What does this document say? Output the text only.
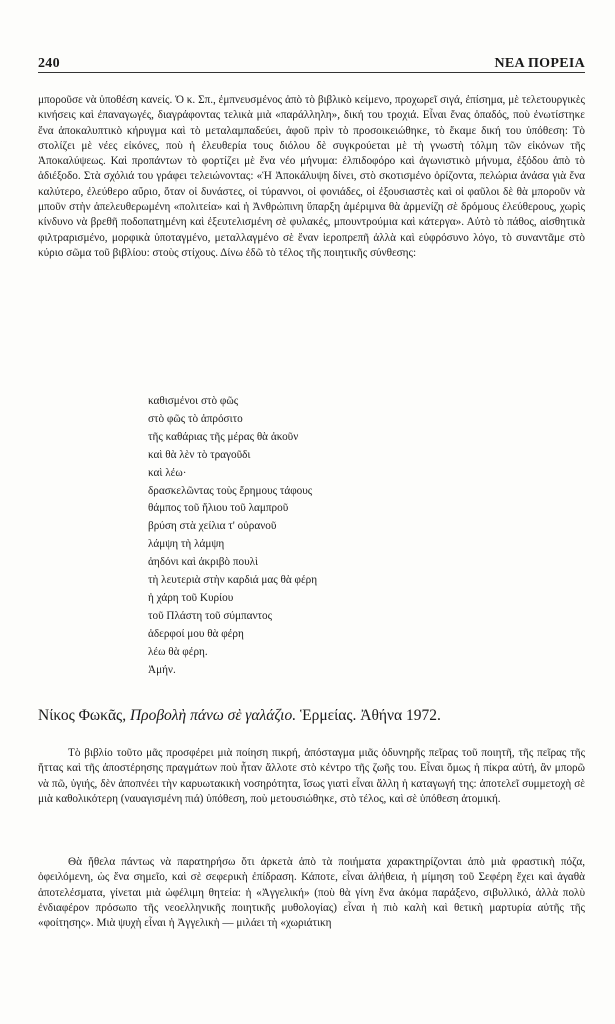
240	ΝΕΑ ΠΟΡΕΙΑ

μποροῦσε νὰ ὑποθέση κανείς. Ὁ κ. Σπ., ἐμπνευσμένος ἀπὸ τὸ βιβλικὸ κείμενο, προχωρεῖ σιγά, ἐπίσημα, μὲ τελετουργικὲς κινήσεις καὶ ἐπαναγωγές, διαγράφοντας τελικὰ μιὰ «παράλληλη», δική του τροχιά. Εἶναι ἕνας ὀπαδός, ποὺ ἐνωτίστηκε ἕνα ἀποκαλυπτικὸ κήρυγμα καὶ τὸ μεταλαμπαδεύει, ἀφοῦ πρὶν τὸ προσοικειώθηκε, τὸ ἔκαμε δική του ὑπόθεση: Τὸ στολίζει μὲ νέες εἰκόνες, ποὺ ἡ ἐλευθερία τους διόλου δὲ συγκρούεται μὲ τὴ γνωστὴ τόλμη τῶν εἰκόνων τῆς Ἀποκαλύψεως. Καὶ προπάντων τὸ φορτίζει μὲ ἕνα νέο μήνυμα: ἐλπιδοφόρο καὶ ἀγωνιστικὸ μήνυμα, ἐξόδου ἀπὸ τὸ ἀδιέξοδο. Στὰ σχόλιά του γράφει τελειώνοντας: «Ἡ Ἀποκάλυψη δίνει, στὸ σκοτισμένο ὁρίζοντα, πελώρια ἀνάσα γιὰ ἕνα καλύτερο, ἐλεύθερο αὔριο, ὅταν οἱ δυνάστες, οἱ τύραννοι, οἱ φονιάδες, οἱ ἐξουσιαστὲς καὶ οἱ φαῦλοι δὲ θὰ μποροῦν νὰ μποῦν στὴν ἀπελευθερωμένη «πολιτεία» καὶ ἡ Ἀνθρώπινη ὕπαρξη ἀμέριμνα θὰ ἁρμενίζη σὲ δρόμους ἐλεύθερους, χωρὶς κίνδυνο νὰ βρεθῆ ποδοπατημένη καὶ ἐξευτελισμένη σὲ φυλακές, μπουντρούμια καὶ κάτεργα». Αὐτὸ τὸ πάθος, αἰσθητικὰ φιλτραρισμένο, μορφικὰ ὑποταγμένο, μεταλλαγμένο σὲ ἕναν ἱεροπρεπῆ ἀλλὰ καὶ εὐφρόσυνο λόγο, τὸ συναντᾶμε στὸ κύριο σῶμα τοῦ βιβλίου: στοὺς στίχους. Δίνω ἐδῶ τὸ τέλος τῆς ποιητικῆς σύνθεσης:

καθισμένοι στὸ φῶς
στὸ φῶς τὸ ἀπρόσιτο
τῆς καθάριας τῆς μέρας θὰ ἀκοῦν
καὶ θὰ λὲν τὸ τραγοῦδι
καὶ λέω·
δρασκελῶντας τοὺς ἔρημους τάφους
θάμπος τοῦ ἥλιου τοῦ λαμπροῦ
βρύση στὰ χείλια τ' οὐρανοῦ
λάμψη τὴ λάμψη
ἀηδόνι καὶ ἀκριβὸ πουλὶ
τὴ λευτεριὰ στὴν καρδιά μας θὰ φέρη
ἡ χάρη τοῦ Κυρίου
τοῦ Πλάστη τοῦ σύμπαντος
ἀδερφοί μου θὰ φέρη
λέω θὰ φέρη.
Ἀμήν.
Νίκος Φωκᾶς, Προβολὴ πάνω σὲ γαλάζιο. Ἑρμείας. Ἀθήνα 1972.

Τὸ βιβλίο τοῦτο μᾶς προσφέρει μιὰ ποίηση πικρή, ἀπόσταγμα μιᾶς ὀδυνηρῆς πεῖρας τοῦ ποιητῆ, τῆς πεῖρας τῆς ἥττας καὶ τῆς ἀποστέρησης πραγμάτων ποὺ ἦταν ἄλλοτε στὸ κέντρο τῆς ζωῆς του. Εἶναι ὅμως ἡ πίκρα αὐτή, ἂν μπορῶ νὰ πῶ, ὑγιής, δὲν ἀποπνέει τὴν καρυωτακικὴ νοσηρότητα, ἴσως γιατὶ εἶναι ἄλλη ἡ καταγωγή της: ἀποτελεῖ συμμετοχὴ σὲ μιὰ καθολικότερη (ναυαγισμένη πιά) ὑπόθεση, ποὺ μετουσιώθηκε, στὸ τέλος, καὶ σὲ ὑπόθεση ἀτομική.

Θὰ ἤθελα πάντως νὰ παρατηρήσω ὅτι ἀρκετὰ ἀπὸ τὰ ποιήματα χαρακτηρίζονται ἀπὸ μιὰ φραστικὴ πόζα, ὀφειλόμενη, ὡς ἕνα σημεῖο, καὶ σὲ σεφερικὴ ἐπίδραση. Κάποτε, εἶναι ἀλήθεια, ἡ μίμηση τοῦ Σεφέρη ἔχει καὶ ἀγαθὰ ἀποτελέσματα, γίνεται μιὰ ὠφέλιμη θητεία: ἡ «Ἀγγελική» (ποὺ θὰ γίνη ἕνα ἀκόμα παράξενο, σιβυλλικό, ἀλλὰ πολὺ ἐνδιαφέρον πρόσωπο τῆς νεοελληνικῆς ποιητικῆς μυθολογίας) εἶναι ἡ πιὸ καλὴ καὶ θετικὴ μαρτυρία αὐτῆς τῆς «φοίτησης». Μιὰ ψυχὴ εἶναι ἡ Ἀγγελικὴ — μιλάει τὴ «χωριάτικη
